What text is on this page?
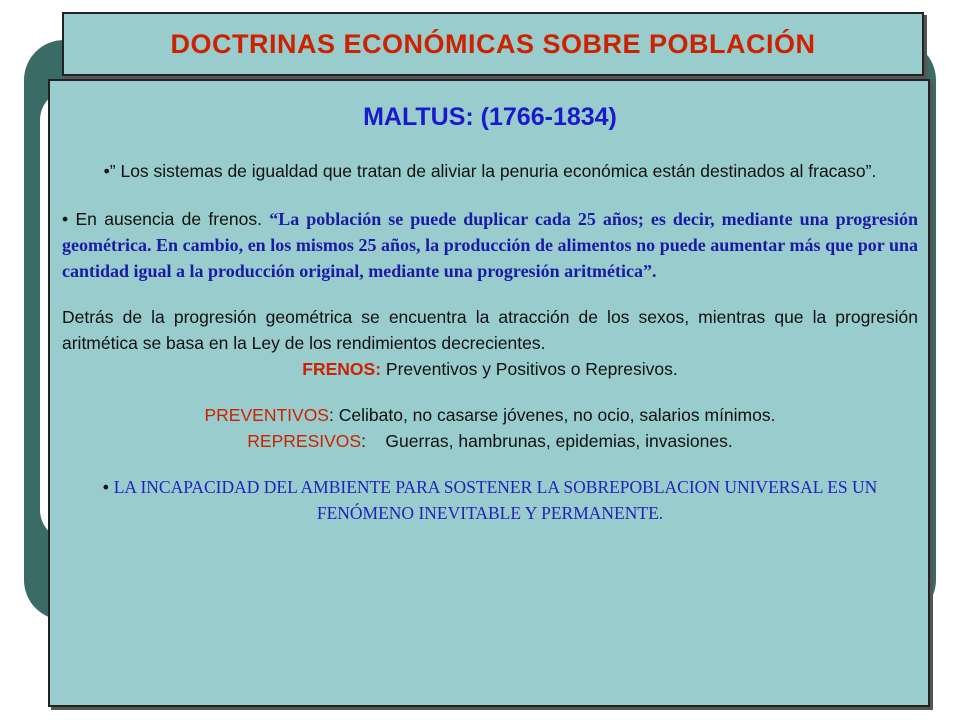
DOCTRINAS ECONÓMICAS SOBRE POBLACIÓN

MALTUS: (1766-1834)

•” Los sistemas de igualdad que tratan de aliviar la penuria económica están destinados al fracaso”.

• En ausencia de frenos. “La población se puede duplicar cada 25 años; es decir, mediante una progresión geométrica. En cambio, en los mismos 25 años, la producción de alimentos no puede aumentar más que por una cantidad igual a la producción original, mediante una progresión aritmética”.

Detrás de la progresión geométrica se encuentra la atracción de los sexos, mientras que la progresión aritmética se basa en la Ley de los rendimientos decrecientes.

FRENOS: Preventivos y Positivos o Represivos.

PREVENTIVOS: Celibato, no casarse jóvenes, no ocio, salarios mínimos.

REPRESIVOS: Guerras, hambrunas, epidemias, invasiones.

• LA INCAPACIDAD DEL AMBIENTE PARA SOSTENER LA SOBREPOBLACION UNIVERSAL ES UN FENÓMENO INEVITABLE Y PERMANENTE.
